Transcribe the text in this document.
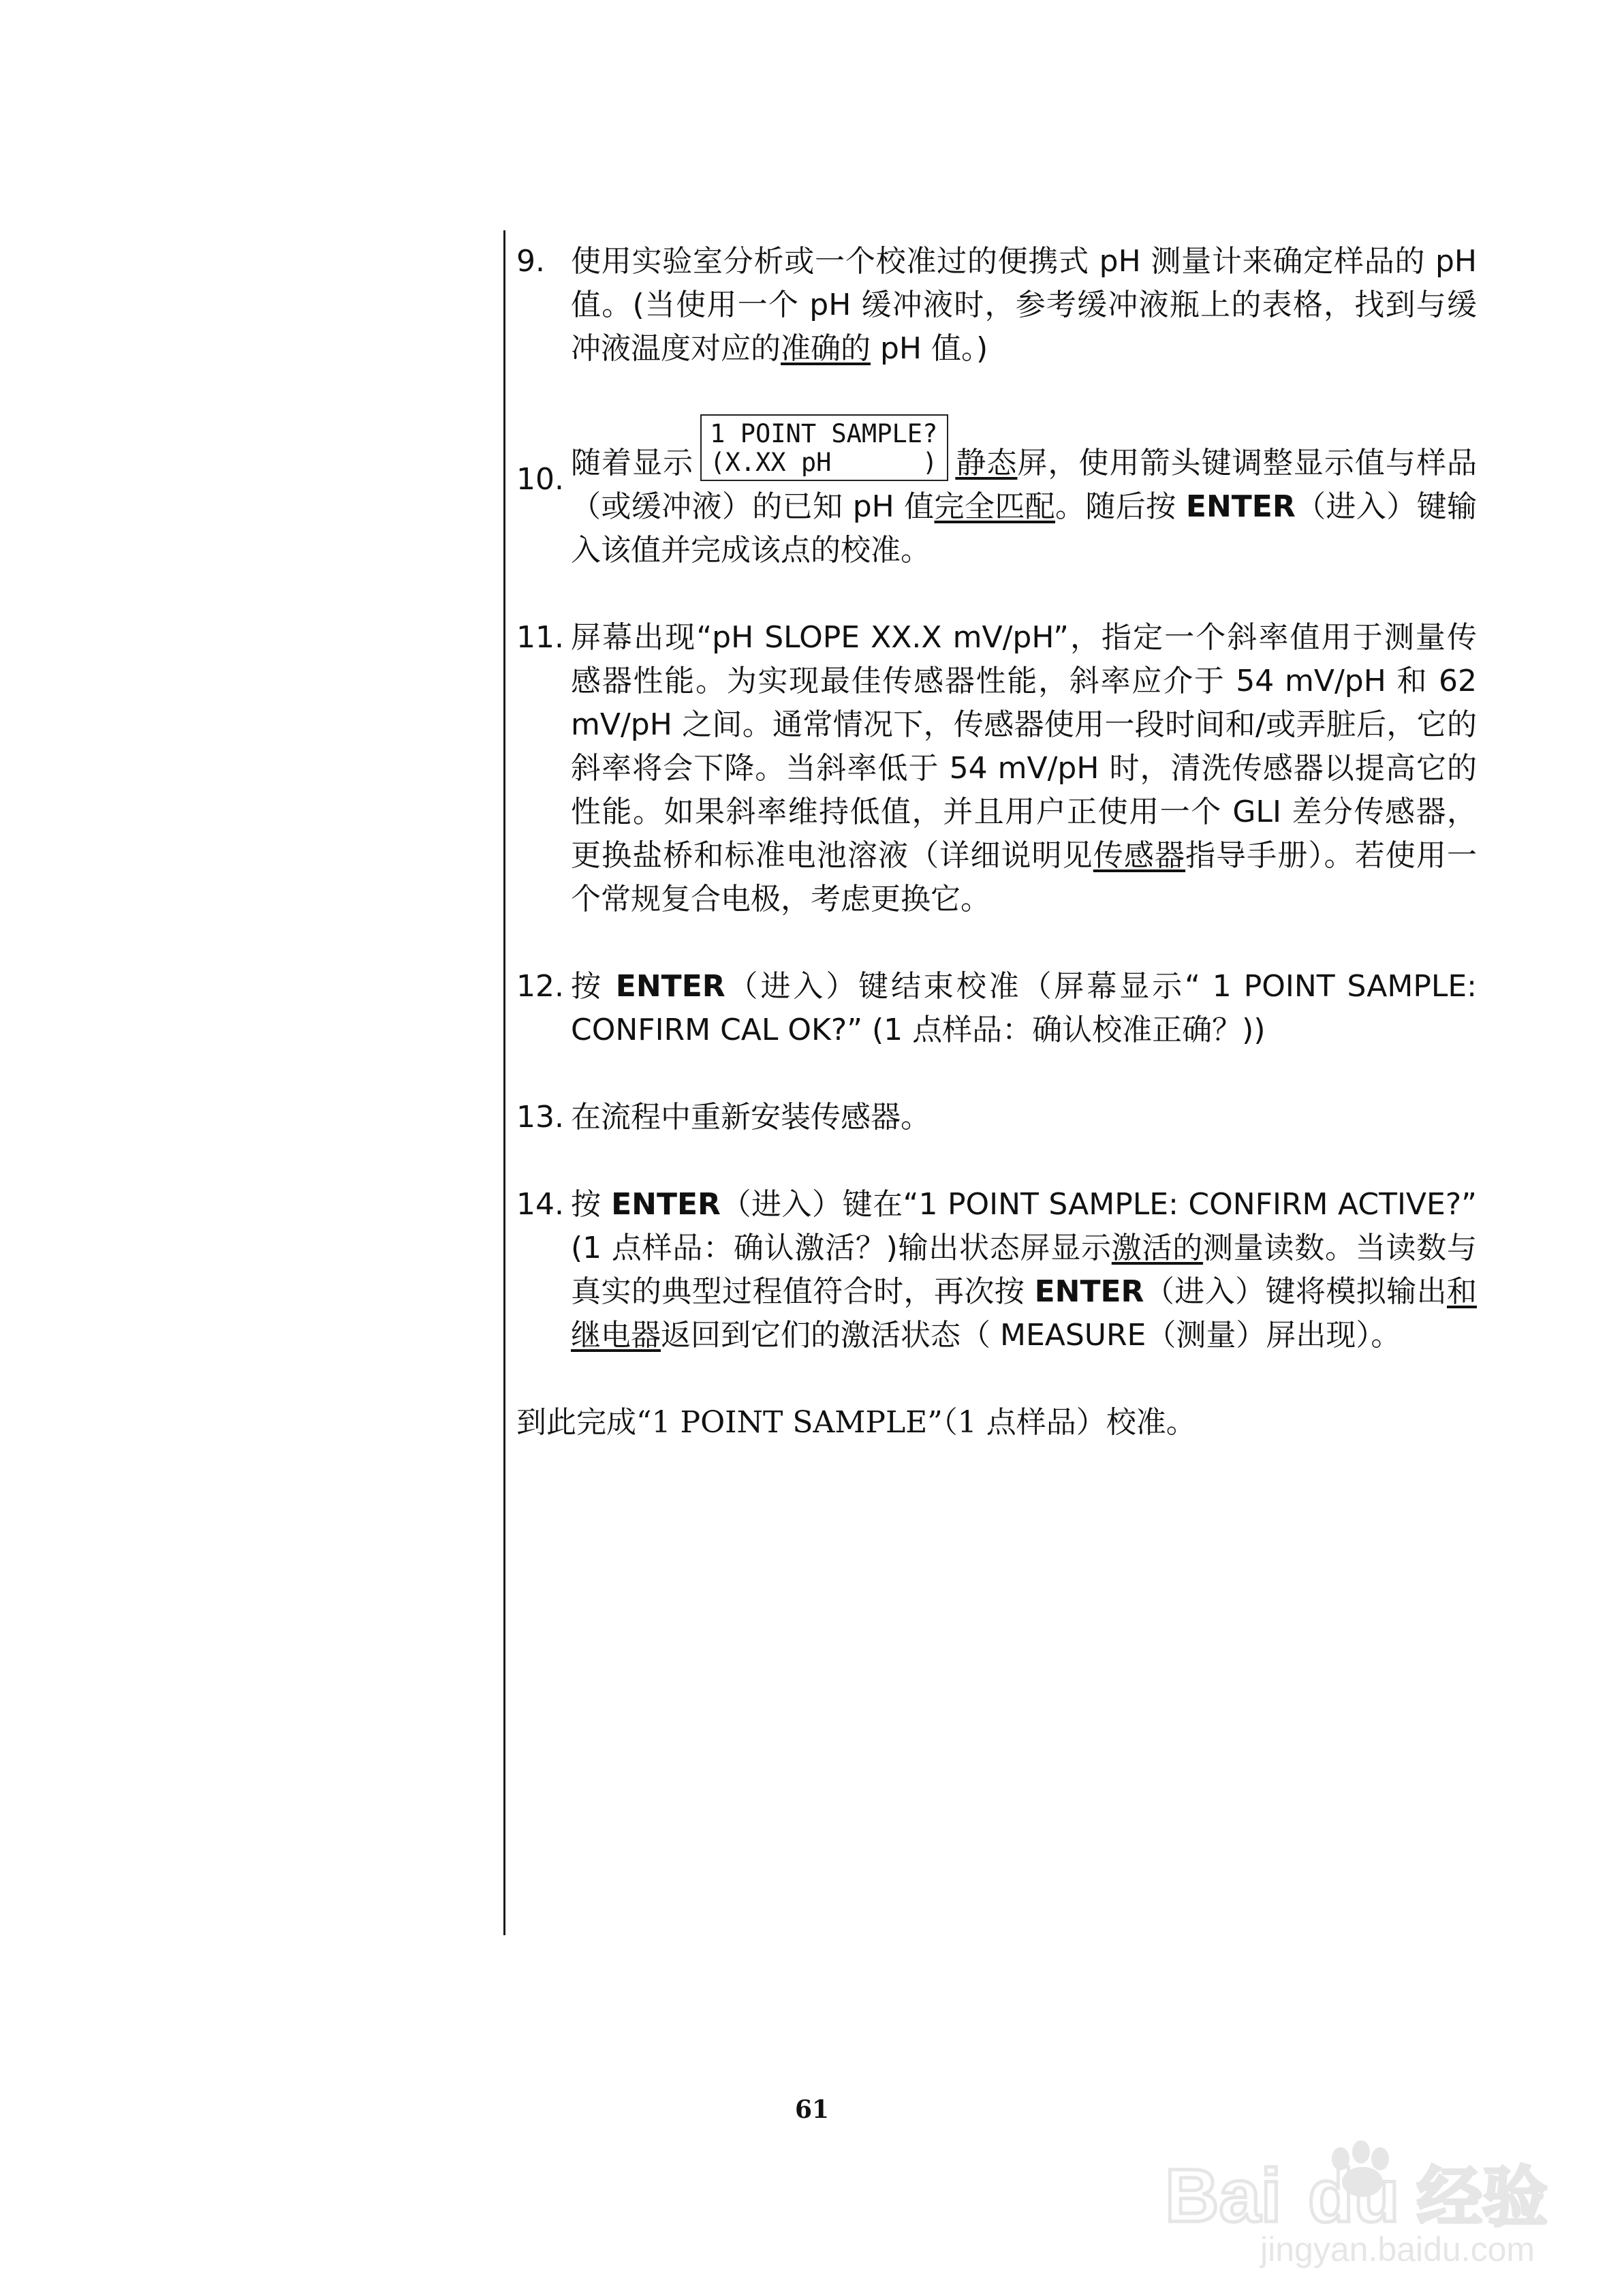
9. 使用实验室分析或一个校准过的便携式 pH 测量计来确定样品的 pH 值。(当使用一个 pH 缓冲液时，参考缓冲液瓶上的表格，找到与缓冲液温度对应的准确的 pH 值。)
10. 随着显示
1 POINT SAMPLE?
(X.XX pH      ) 静态屏，使用箭头键调整显示值与样品（或缓冲液）的已知 pH 值完全匹配。随后按 ENTER（进入）键输入该值并完成该点的校准。
11. 屏幕出现“pH SLOPE XX.X mV/pH”，指定一个斜率值用于测量传感器性能。为实现最佳传感器性能，斜率应介于 54 mV/pH 和 62 mV/pH 之间。通常情况下，传感器使用一段时间和/或弄脏后，它的斜率将会下降。当斜率低于 54 mV/pH 时，清洗传感器以提高它的性能。如果斜率维持低值，并且用户正使用一个 GLI 差分传感器，更换盐桥和标准电池溶液（详细说明见传感器指导手册）。若使用一个常规复合电极，考虑更换它。
12. 按 ENTER（进入）键结束校准（屏幕显示“ 1 POINT SAMPLE: CONFIRM CAL OK?” (1 点样品：确认校准正确？))
13. 在流程中重新安装传感器。
14. 按 ENTER（进入）键在“1 POINT SAMPLE: CONFIRM ACTIVE?” (1 点样品：确认激活？)输出状态屏显示激活的测量读数。当读数与真实的典型过程值符合时，再次按 ENTER（进入）键将模拟输出和继电器返回到它们的激活状态（ MEASURE（测量）屏出现）。
到此完成“1 POINT SAMPLE”（1 点样品）校准。
61
Bai du 经验
jingyan.baidu.com
